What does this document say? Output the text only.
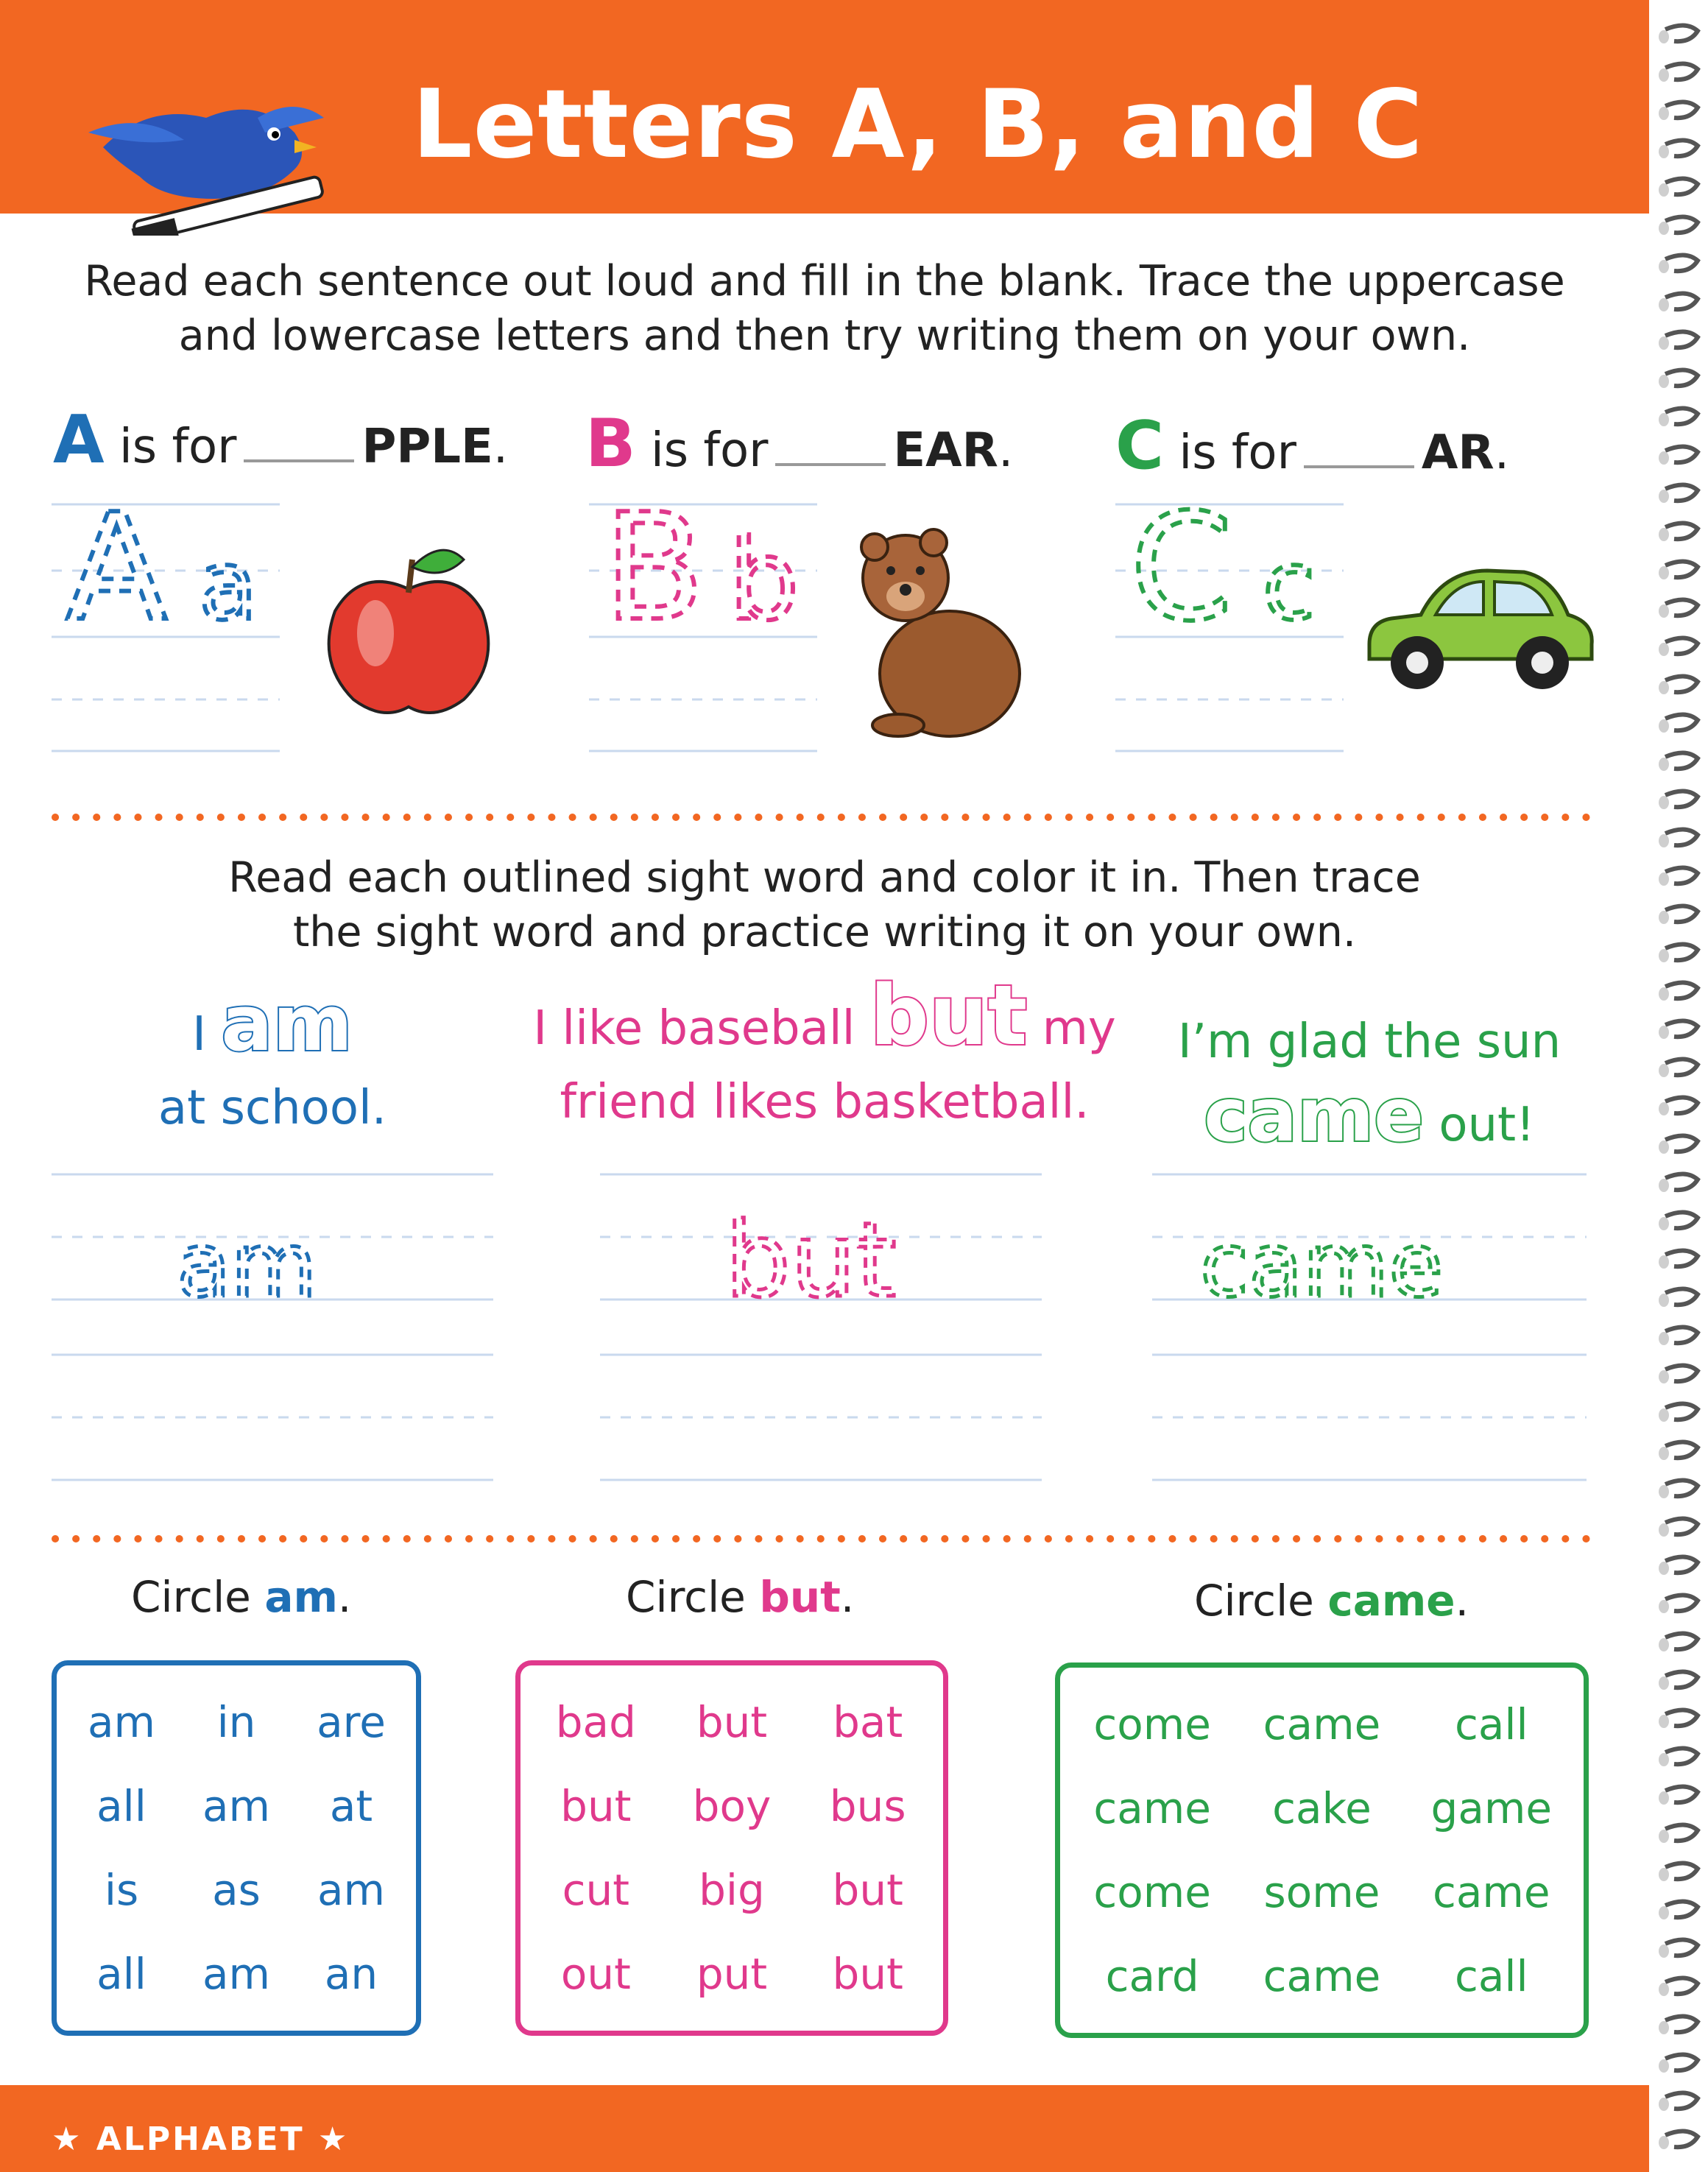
Letters A, B, and C
Read each sentence out loud and fill in the blank. Trace the uppercase
and lowercase letters and then try writing them on your own.
A is for	PPLE. B is for	EAR. C is for	AR.
A a B b C c
Read each outlined sight word and color it in. Then trace
the sight word and practice writing it on your own.
I am
at school.
I like baseball but my
friend likes basketball.
I’m glad the sun
came out!
am	but	came
Circle am.	Circle but.	Circle came.
am	in	are
all	am	at
is	as	am
all	am	an
bad	but	bat
but	boy	bus
cut	big	but
out	put	but
come	came	call
came	cake	game
come	some	came
card	came	call
★ ALPHABET ★
